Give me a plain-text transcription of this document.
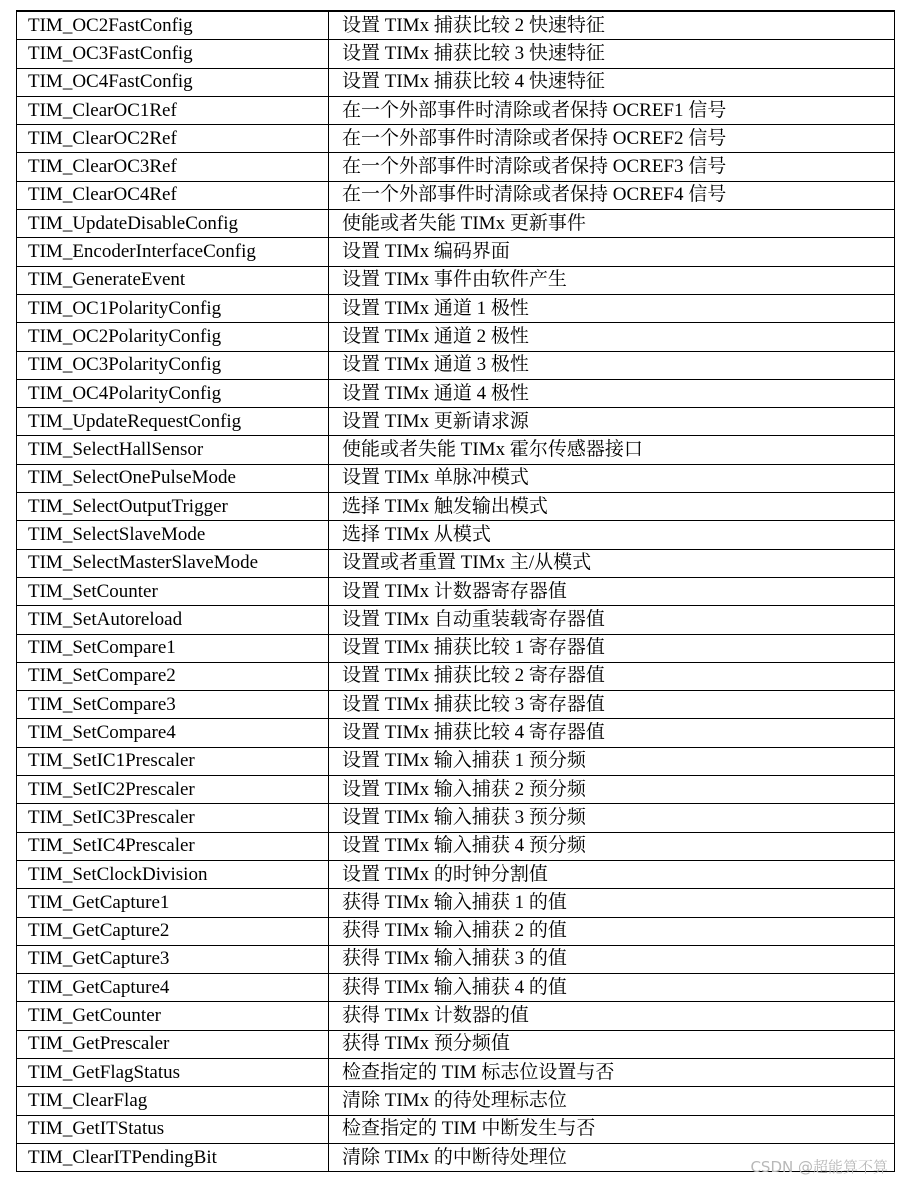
TIM_OC2FastConfig	设置 TIMx 捕获比较 2 快速特征
TIM_OC3FastConfig	设置 TIMx 捕获比较 3 快速特征
TIM_OC4FastConfig	设置 TIMx 捕获比较 4 快速特征
TIM_ClearOC1Ref	在一个外部事件时清除或者保持 OCREF1 信号
TIM_ClearOC2Ref	在一个外部事件时清除或者保持 OCREF2 信号
TIM_ClearOC3Ref	在一个外部事件时清除或者保持 OCREF3 信号
TIM_ClearOC4Ref	在一个外部事件时清除或者保持 OCREF4 信号
TIM_UpdateDisableConfig	使能或者失能 TIMx 更新事件
TIM_EncoderInterfaceConfig	设置 TIMx 编码界面
TIM_GenerateEvent	设置 TIMx 事件由软件产生
TIM_OC1PolarityConfig	设置 TIMx 通道 1 极性
TIM_OC2PolarityConfig	设置 TIMx 通道 2 极性
TIM_OC3PolarityConfig	设置 TIMx 通道 3 极性
TIM_OC4PolarityConfig	设置 TIMx 通道 4 极性
TIM_UpdateRequestConfig	设置 TIMx 更新请求源
TIM_SelectHallSensor	使能或者失能 TIMx 霍尔传感器接口
TIM_SelectOnePulseMode	设置 TIMx 单脉冲模式
TIM_SelectOutputTrigger	选择 TIMx 触发输出模式
TIM_SelectSlaveMode	选择 TIMx 从模式
TIM_SelectMasterSlaveMode	设置或者重置 TIMx 主/从模式
TIM_SetCounter	设置 TIMx 计数器寄存器值
TIM_SetAutoreload	设置 TIMx 自动重装载寄存器值
TIM_SetCompare1	设置 TIMx 捕获比较 1 寄存器值
TIM_SetCompare2	设置 TIMx 捕获比较 2 寄存器值
TIM_SetCompare3	设置 TIMx 捕获比较 3 寄存器值
TIM_SetCompare4	设置 TIMx 捕获比较 4 寄存器值
TIM_SetIC1Prescaler	设置 TIMx 输入捕获 1 预分频
TIM_SetIC2Prescaler	设置 TIMx 输入捕获 2 预分频
TIM_SetIC3Prescaler	设置 TIMx 输入捕获 3 预分频
TIM_SetIC4Prescaler	设置 TIMx 输入捕获 4 预分频
TIM_SetClockDivision	设置 TIMx 的时钟分割值
TIM_GetCapture1	获得 TIMx 输入捕获 1 的值
TIM_GetCapture2	获得 TIMx 输入捕获 2 的值
TIM_GetCapture3	获得 TIMx 输入捕获 3 的值
TIM_GetCapture4	获得 TIMx 输入捕获 4 的值
TIM_GetCounter	获得 TIMx 计数器的值
TIM_GetPrescaler	获得 TIMx 预分频值
TIM_GetFlagStatus	检查指定的 TIM 标志位设置与否
TIM_ClearFlag	清除 TIMx 的待处理标志位
TIM_GetITStatus	检查指定的 TIM 中断发生与否
TIM_ClearITPendingBit	清除 TIMx 的中断待处理位	CSDN @超能算不算
